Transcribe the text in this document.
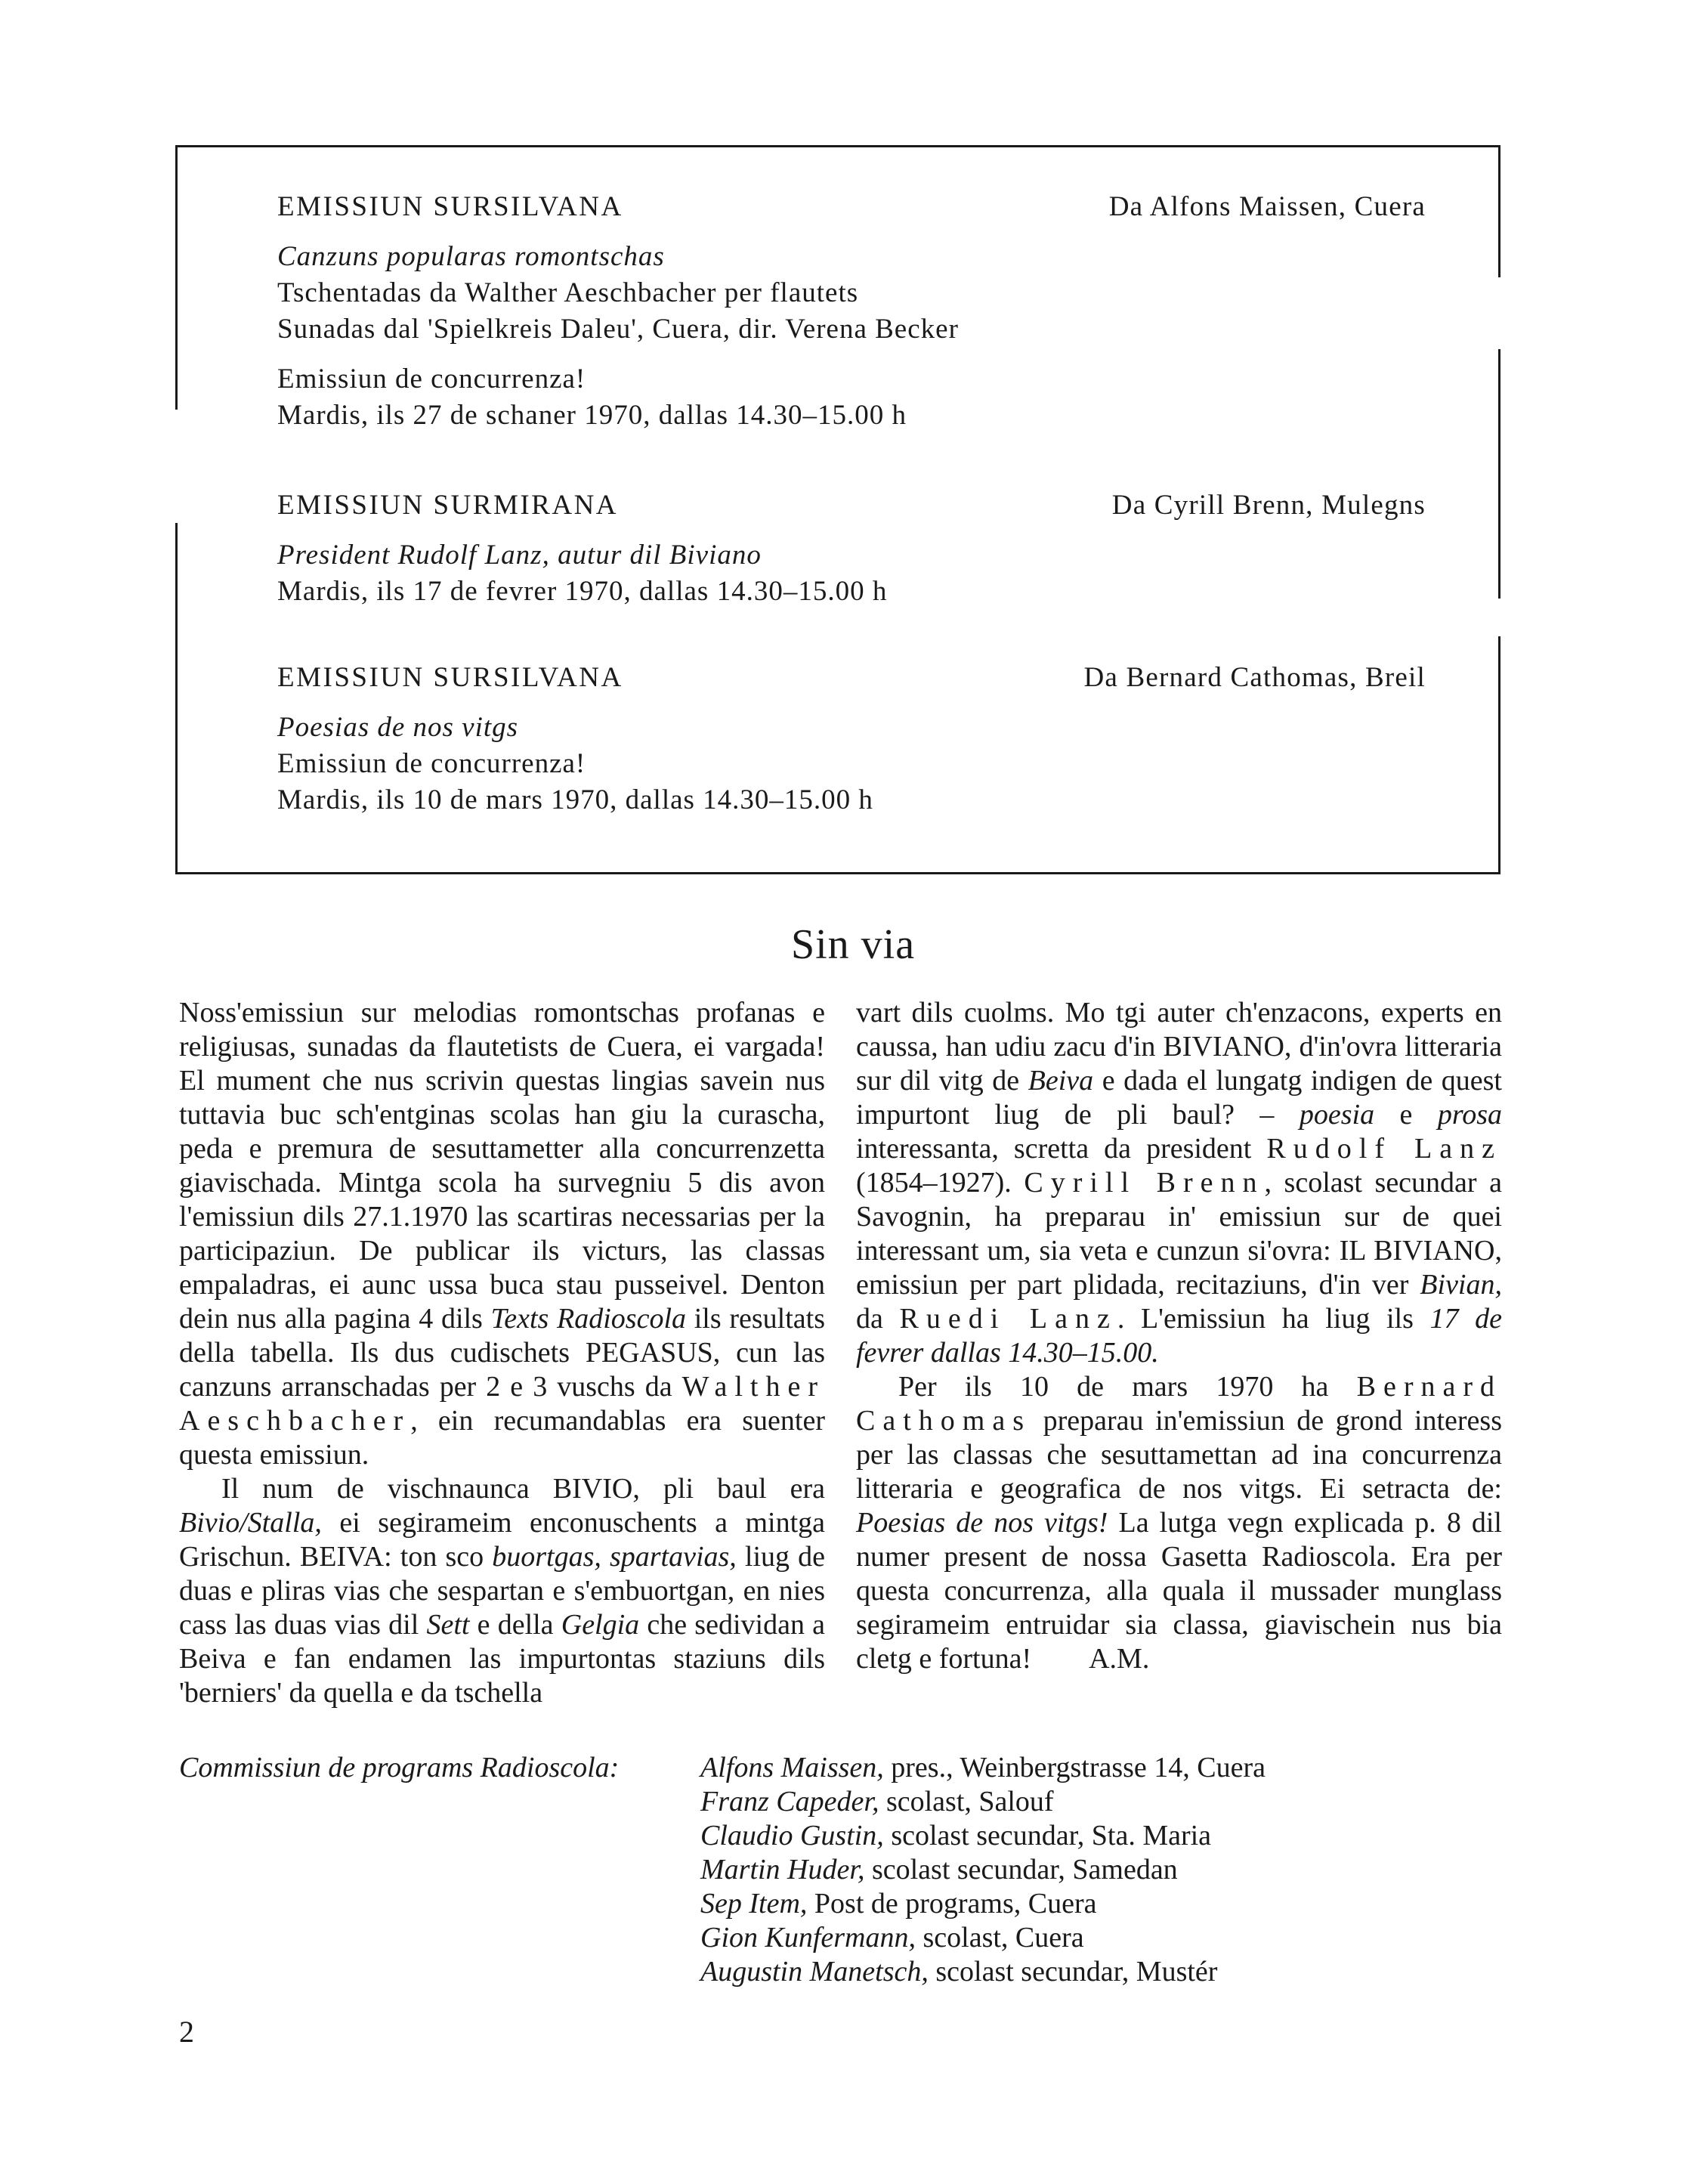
EMISSIUN SURSILVANA	Da Alfons Maissen, Cuera
Canzuns popularas romontschas
Tschentadas da Walther Aeschbacher per flautets
Sunadas dal 'Spielkreis Daleu', Cuera, dir. Verena Becker
Emissiun de concurrenza!
Mardis, ils 27 de schaner 1970, dallas 14.30–15.00 h
EMISSIUN SURMIRANA	Da Cyrill Brenn, Mulegns
President Rudolf Lanz, autur dil Biviano
Mardis, ils 17 de fevrer 1970, dallas 14.30–15.00 h
EMISSIUN SURSILVANA	Da Bernard Cathomas, Breil
Poesias de nos vitgs
Emissiun de concurrenza!
Mardis, ils 10 de mars 1970, dallas 14.30–15.00 h
Sin via

Noss'emissiun sur melodias romontschas profanas e religiusas, sunadas da flautetists de Cuera, ei vargada! El mument che nus scrivin questas lingias savein nus tuttavia buc sch'entginas scolas han giu la curascha, peda e premura de sesuttametter alla concurrenzetta giavischada. Mintga scola ha survegniu 5 dis avon l'emissiun dils 27.1.1970 las scartiras necessarias per la participaziun. De publicar ils victurs, las classas empaladras, ei aunc ussa buca stau pusseivel. Denton dein nus alla pagina 4 dils Texts Radioscola ils resultats della tabella. Ils dus cudischets PEGASUS, cun las canzuns arranschadas per 2 e 3 vuschs da Walther Aeschbacher, ein recumandablas era suenter questa emissiun.

Il num de vischnaunca BIVIO, pli baul era Bivio/Stalla, ei segirameim enconuschents a mintga Grischun. BEIVA: ton sco buortgas, spartavias, liug de duas e pliras vias che sespartan e s'embuortgan, en nies cass las duas vias dil Sett e della Gelgia che sedividan a Beiva e fan endamen las impurtontas staziuns dils 'berniers' da quella e da tschella

vart dils cuolms. Mo tgi auter ch'enzacons, experts en caussa, han udiu zacu d'in BIVIANO, d'in'ovra litteraria sur dil vitg de Beiva e dada el lungatg indigen de quest impurtont liug de pli baul? – poesia e prosa interessanta, scretta da president Rudolf Lanz (1854–1927). Cyrill Brenn, scolast secundar a Savognin, ha preparau in' emissiun sur de quei interessant um, sia veta e cunzun si'ovra: IL BIVIANO, emissiun per part plidada, recitaziuns, d'in ver Bivian, da Ruedi Lanz. L'emissiun ha liug ils 17 de fevrer dallas 14.30–15.00.

Per ils 10 de mars 1970 ha Bernard Cathomas preparau in'emissiun de grond interess per las classas che sesuttamettan ad ina concurrenza litteraria e geografica de nos vitgs. Ei setracta de: Poesias de nos vitgs! La lutga vegn explicada p. 8 dil numer present de nossa Gasetta Radioscola. Era per questa concurrenza, alla quala il mussader munglass segirameim entruidar sia classa, giavischein nus bia cletg e fortuna!   A.M.

Commissiun de programs Radioscola:	Alfons Maissen, pres., Weinbergstrasse 14, Cuera
Franz Capeder, scolast, Salouf
Claudio Gustin, scolast secundar, Sta. Maria
Martin Huder, scolast secundar, Samedan
Sep Item, Post de programs, Cuera
Gion Kunfermann, scolast, Cuera
Augustin Manetsch, scolast secundar, Mustér
2
